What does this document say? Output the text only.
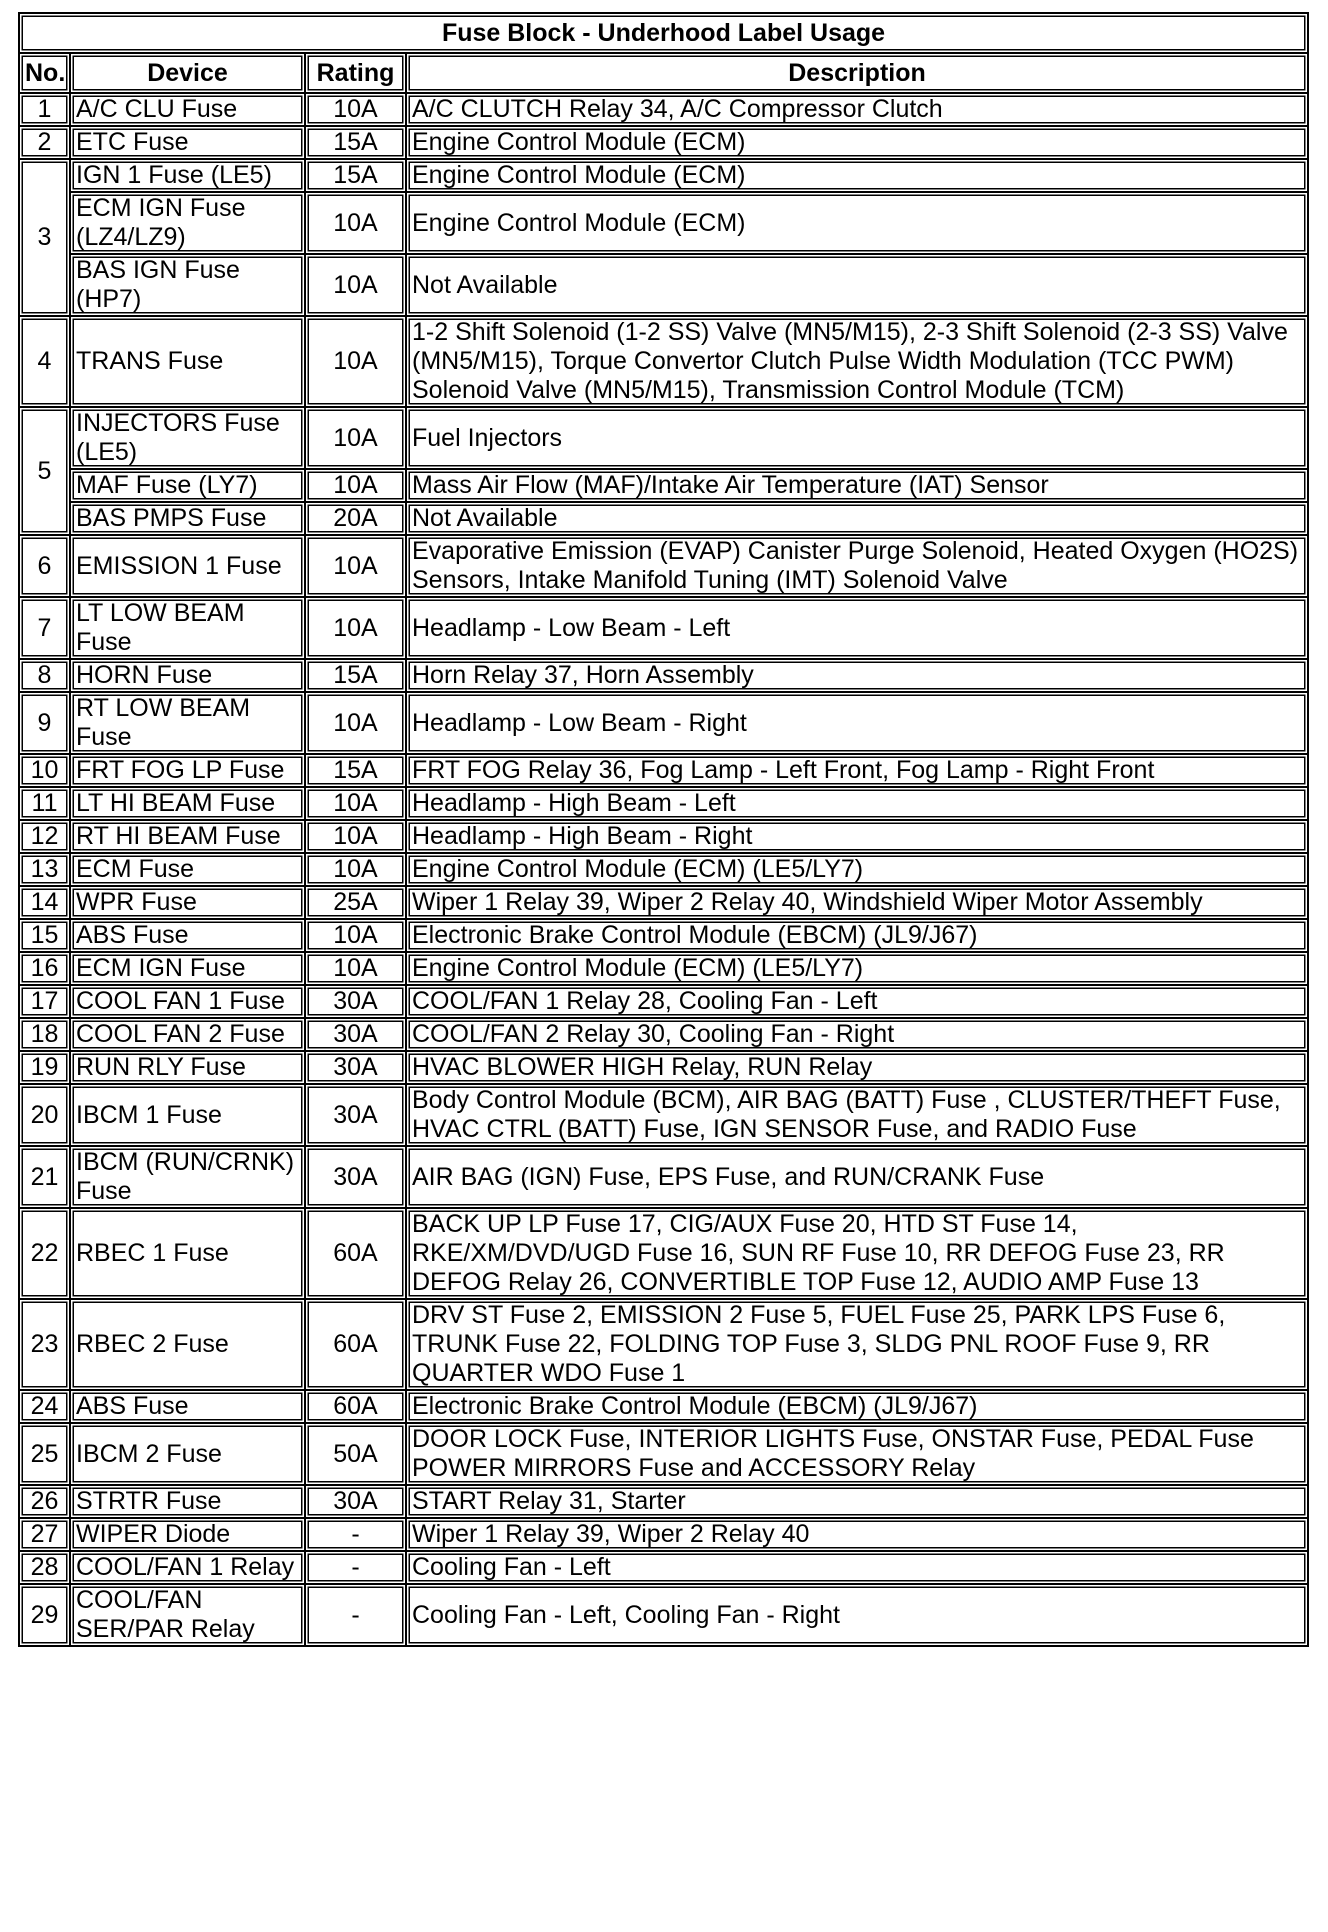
Fuse Block - Underhood Label Usage			
No.	Device	Rating	Description
1	A/C CLU Fuse	10A	A/C CLUTCH Relay 34, A/C Compressor Clutch
2	ETC Fuse	15A	Engine Control Module (ECM)
3	IGN 1 Fuse (LE5)	15A	Engine Control Module (ECM)
	ECM IGN Fuse (LZ4/LZ9)	10A	Engine Control Module (ECM)
	BAS IGN Fuse (HP7)	10A	Not Available
4	TRANS Fuse	10A	1-2 Shift Solenoid (1-2 SS) Valve (MN5/M15), 2-3 Shift Solenoid (2-3 SS) Valve (MN5/M15), Torque Convertor Clutch Pulse Width Modulation (TCC PWM) Solenoid Valve (MN5/M15), Transmission Control Module (TCM)
5	INJECTORS Fuse (LE5)	10A	Fuel Injectors
	MAF Fuse (LY7)	10A	Mass Air Flow (MAF)/Intake Air Temperature (IAT) Sensor
	BAS PMPS Fuse	20A	Not Available
6	EMISSION 1 Fuse	10A	Evaporative Emission (EVAP) Canister Purge Solenoid, Heated Oxygen (HO2S) Sensors, Intake Manifold Tuning (IMT) Solenoid Valve
7	LT LOW BEAM Fuse	10A	Headlamp - Low Beam - Left
8	HORN Fuse	15A	Horn Relay 37, Horn Assembly
9	RT LOW BEAM Fuse	10A	Headlamp - Low Beam - Right
10	FRT FOG LP Fuse	15A	FRT FOG Relay 36, Fog Lamp - Left Front, Fog Lamp - Right Front
11	LT HI BEAM Fuse	10A	Headlamp - High Beam - Left
12	RT HI BEAM Fuse	10A	Headlamp - High Beam - Right
13	ECM Fuse	10A	Engine Control Module (ECM) (LE5/LY7)
14	WPR Fuse	25A	Wiper 1 Relay 39, Wiper 2 Relay 40, Windshield Wiper Motor Assembly
15	ABS Fuse	10A	Electronic Brake Control Module (EBCM) (JL9/J67)
16	ECM IGN Fuse	10A	Engine Control Module (ECM) (LE5/LY7)
17	COOL FAN 1 Fuse	30A	COOL/FAN 1 Relay 28, Cooling Fan - Left
18	COOL FAN 2 Fuse	30A	COOL/FAN 2 Relay 30, Cooling Fan - Right
19	RUN RLY Fuse	30A	HVAC BLOWER HIGH Relay, RUN Relay
20	IBCM 1 Fuse	30A	Body Control Module (BCM), AIR BAG (BATT) Fuse , CLUSTER/THEFT Fuse, HVAC CTRL (BATT) Fuse, IGN SENSOR Fuse, and RADIO Fuse
21	IBCM (RUN/CRNK) Fuse	30A	AIR BAG (IGN) Fuse, EPS Fuse, and RUN/CRANK Fuse
22	RBEC 1 Fuse	60A	BACK UP LP Fuse 17, CIG/AUX Fuse 20, HTD ST Fuse 14, RKE/XM/DVD/UGD Fuse 16, SUN RF Fuse 10, RR DEFOG Fuse 23, RR DEFOG Relay 26, CONVERTIBLE TOP Fuse 12, AUDIO AMP Fuse 13
23	RBEC 2 Fuse	60A	DRV ST Fuse 2, EMISSION 2 Fuse 5, FUEL Fuse 25, PARK LPS Fuse 6, TRUNK Fuse 22, FOLDING TOP Fuse 3, SLDG PNL ROOF Fuse 9, RR QUARTER WDO Fuse 1
24	ABS Fuse	60A	Electronic Brake Control Module (EBCM) (JL9/J67)
25	IBCM 2 Fuse	50A	DOOR LOCK Fuse, INTERIOR LIGHTS Fuse, ONSTAR Fuse, PEDAL Fuse POWER MIRRORS Fuse and ACCESSORY Relay
26	STRTR Fuse	30A	START Relay 31, Starter
27	WIPER Diode	-	Wiper 1 Relay 39, Wiper 2 Relay 40
28	COOL/FAN 1 Relay	-	Cooling Fan - Left
29	COOL/FAN SER/PAR Relay	-	Cooling Fan - Left, Cooling Fan - Right
